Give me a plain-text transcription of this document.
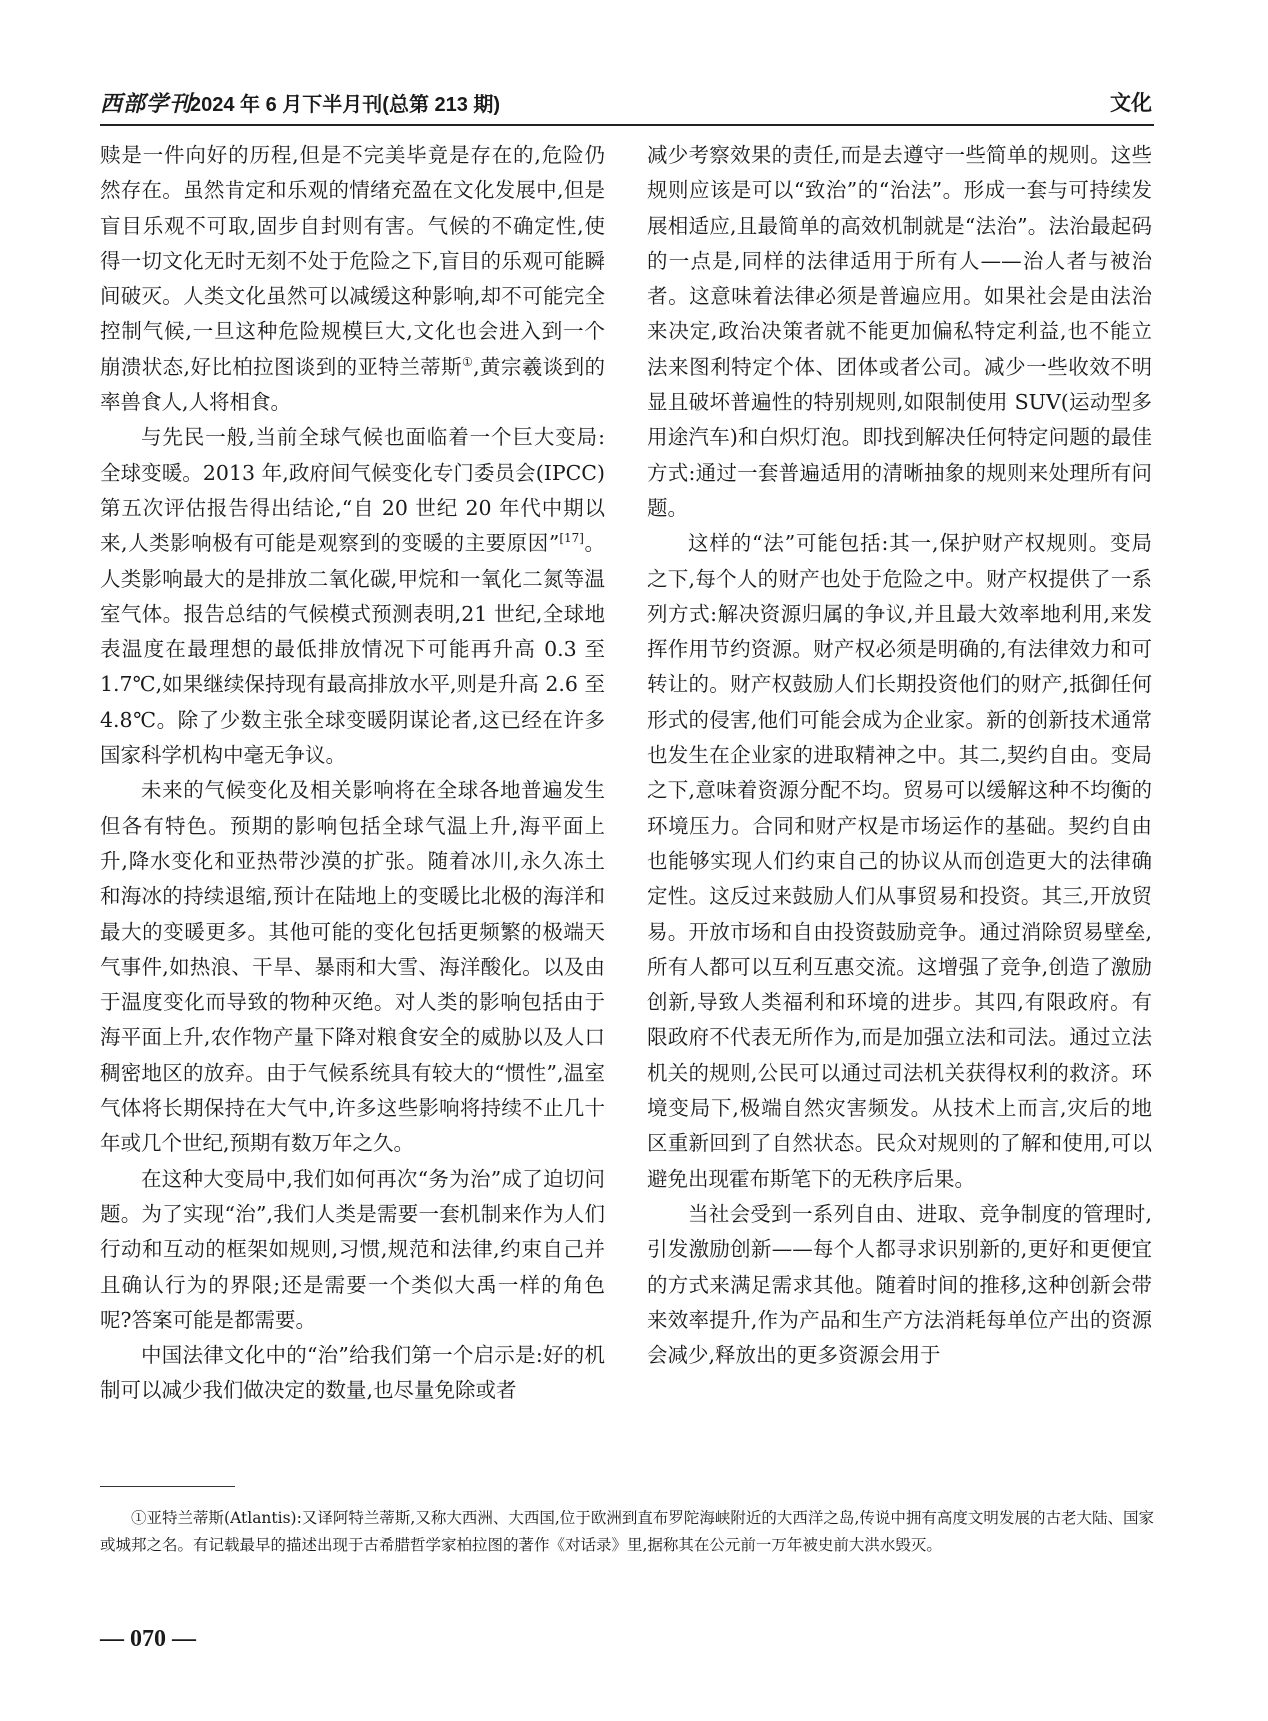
西部学刊
2024 年 6 月下半月刊(总第 213 期)	文化

赎是一件向好的历程,但是不完美毕竟是存在的,危险仍然存在。虽然肯定和乐观的情绪充盈在文化发展中,但是盲目乐观不可取,固步自封则有害。气候的不确定性,使得一切文化无时无刻不处于危险之下,盲目的乐观可能瞬间破灭。人类文化虽然可以减缓这种影响,却不可能完全控制气候,一旦这种危险规模巨大,文化也会进入到一个崩溃状态,好比柏拉图谈到的亚特兰蒂斯①,黄宗羲谈到的率兽食人,人将相食。

与先民一般,当前全球气候也面临着一个巨大变局:全球变暖。2013 年,政府间气候变化专门委员会(IPCC)第五次评估报告得出结论,“自 20 世纪 20 年代中期以来,人类影响极有可能是观察到的变暖的主要原因”[17]。人类影响最大的是排放二氧化碳,甲烷和一氧化二氮等温室气体。报告总结的气候模式预测表明,21 世纪,全球地表温度在最理想的最低排放情况下可能再升高 0.3 至 1.7℃,如果继续保持现有最高排放水平,则是升高 2.6 至 4.8℃。除了少数主张全球变暖阴谋论者,这已经在许多国家科学机构中毫无争议。

未来的气候变化及相关影响将在全球各地普遍发生但各有特色。预期的影响包括全球气温上升,海平面上升,降水变化和亚热带沙漠的扩张。随着冰川,永久冻土和海冰的持续退缩,预计在陆地上的变暖比北极的海洋和最大的变暖更多。其他可能的变化包括更频繁的极端天气事件,如热浪、干旱、暴雨和大雪、海洋酸化。以及由于温度变化而导致的物种灭绝。对人类的影响包括由于海平面上升,农作物产量下降对粮食安全的威胁以及人口稠密地区的放弃。由于气候系统具有较大的“惯性”,温室气体将长期保持在大气中,许多这些影响将持续不止几十年或几个世纪,预期有数万年之久。

在这种大变局中,我们如何再次“务为治”成了迫切问题。为了实现“治”,我们人类是需要一套机制来作为人们行动和互动的框架如规则,习惯,规范和法律,约束自己并且确认行为的界限;还是需要一个类似大禹一样的角色呢?答案可能是都需要。

中国法律文化中的“治”给我们第一个启示是:好的机制可以减少我们做决定的数量,也尽量免除或者

减少考察效果的责任,而是去遵守一些简单的规则。这些规则应该是可以“致治”的“治法”。形成一套与可持续发展相适应,且最简单的高效机制就是“法治”。法治最起码的一点是,同样的法律适用于所有人——治人者与被治者。这意味着法律必须是普遍应用。如果社会是由法治来决定,政治决策者就不能更加偏私特定利益,也不能立法来图利特定个体、团体或者公司。减少一些收效不明显且破坏普遍性的特别规则,如限制使用 SUV(运动型多用途汽车)和白炽灯泡。即找到解决任何特定问题的最佳方式:通过一套普遍适用的清晰抽象的规则来处理所有问题。

这样的“法”可能包括:其一,保护财产权规则。变局之下,每个人的财产也处于危险之中。财产权提供了一系列方式:解决资源归属的争议,并且最大效率地利用,来发挥作用节约资源。财产权必须是明确的,有法律效力和可转让的。财产权鼓励人们长期投资他们的财产,抵御任何形式的侵害,他们可能会成为企业家。新的创新技术通常也发生在企业家的进取精神之中。其二,契约自由。变局之下,意味着资源分配不均。贸易可以缓解这种不均衡的环境压力。合同和财产权是市场运作的基础。契约自由也能够实现人们约束自己的协议从而创造更大的法律确定性。这反过来鼓励人们从事贸易和投资。其三,开放贸易。开放市场和自由投资鼓励竞争。通过消除贸易壁垒,所有人都可以互利互惠交流。这增强了竞争,创造了激励创新,导致人类福利和环境的进步。其四,有限政府。有限政府不代表无所作为,而是加强立法和司法。通过立法机关的规则,公民可以通过司法机关获得权利的救济。环境变局下,极端自然灾害频发。从技术上而言,灾后的地区重新回到了自然状态。民众对规则的了解和使用,可以避免出现霍布斯笔下的无秩序后果。

当社会受到一系列自由、进取、竞争制度的管理时,引发激励创新——每个人都寻求识别新的,更好和更便宜的方式来满足需求其他。随着时间的推移,这种创新会带来效率提升,作为产品和生产方法消耗每单位产出的资源会减少,释放出的更多资源会用于

①亚特兰蒂斯(Atlantis):又译阿特兰蒂斯,又称大西洲、大西国,位于欧洲到直布罗陀海峡附近的大西洋之岛,传说中拥有高度文明发展的古老大陆、国家或城邦之名。有记载最早的描述出现于古希腊哲学家柏拉图的著作《对话录》里,据称其在公元前一万年被史前大洪水毁灭。
— 070 —
